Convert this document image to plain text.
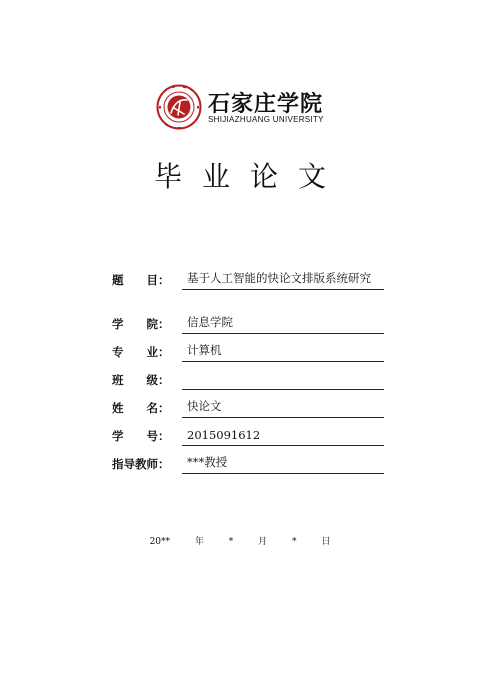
石家庄学院
SHIJIAZHUANG UNIVERSITY
毕业论文
题　　目： 基于人工智能的快论文排版系统研究
学　　院： 信息学院
专　　业： 计算机
班　　级：
姓　　名： 快论文
学　　号： 2015091612
指导教师： ***教授
20**	年	*	月	*	日
